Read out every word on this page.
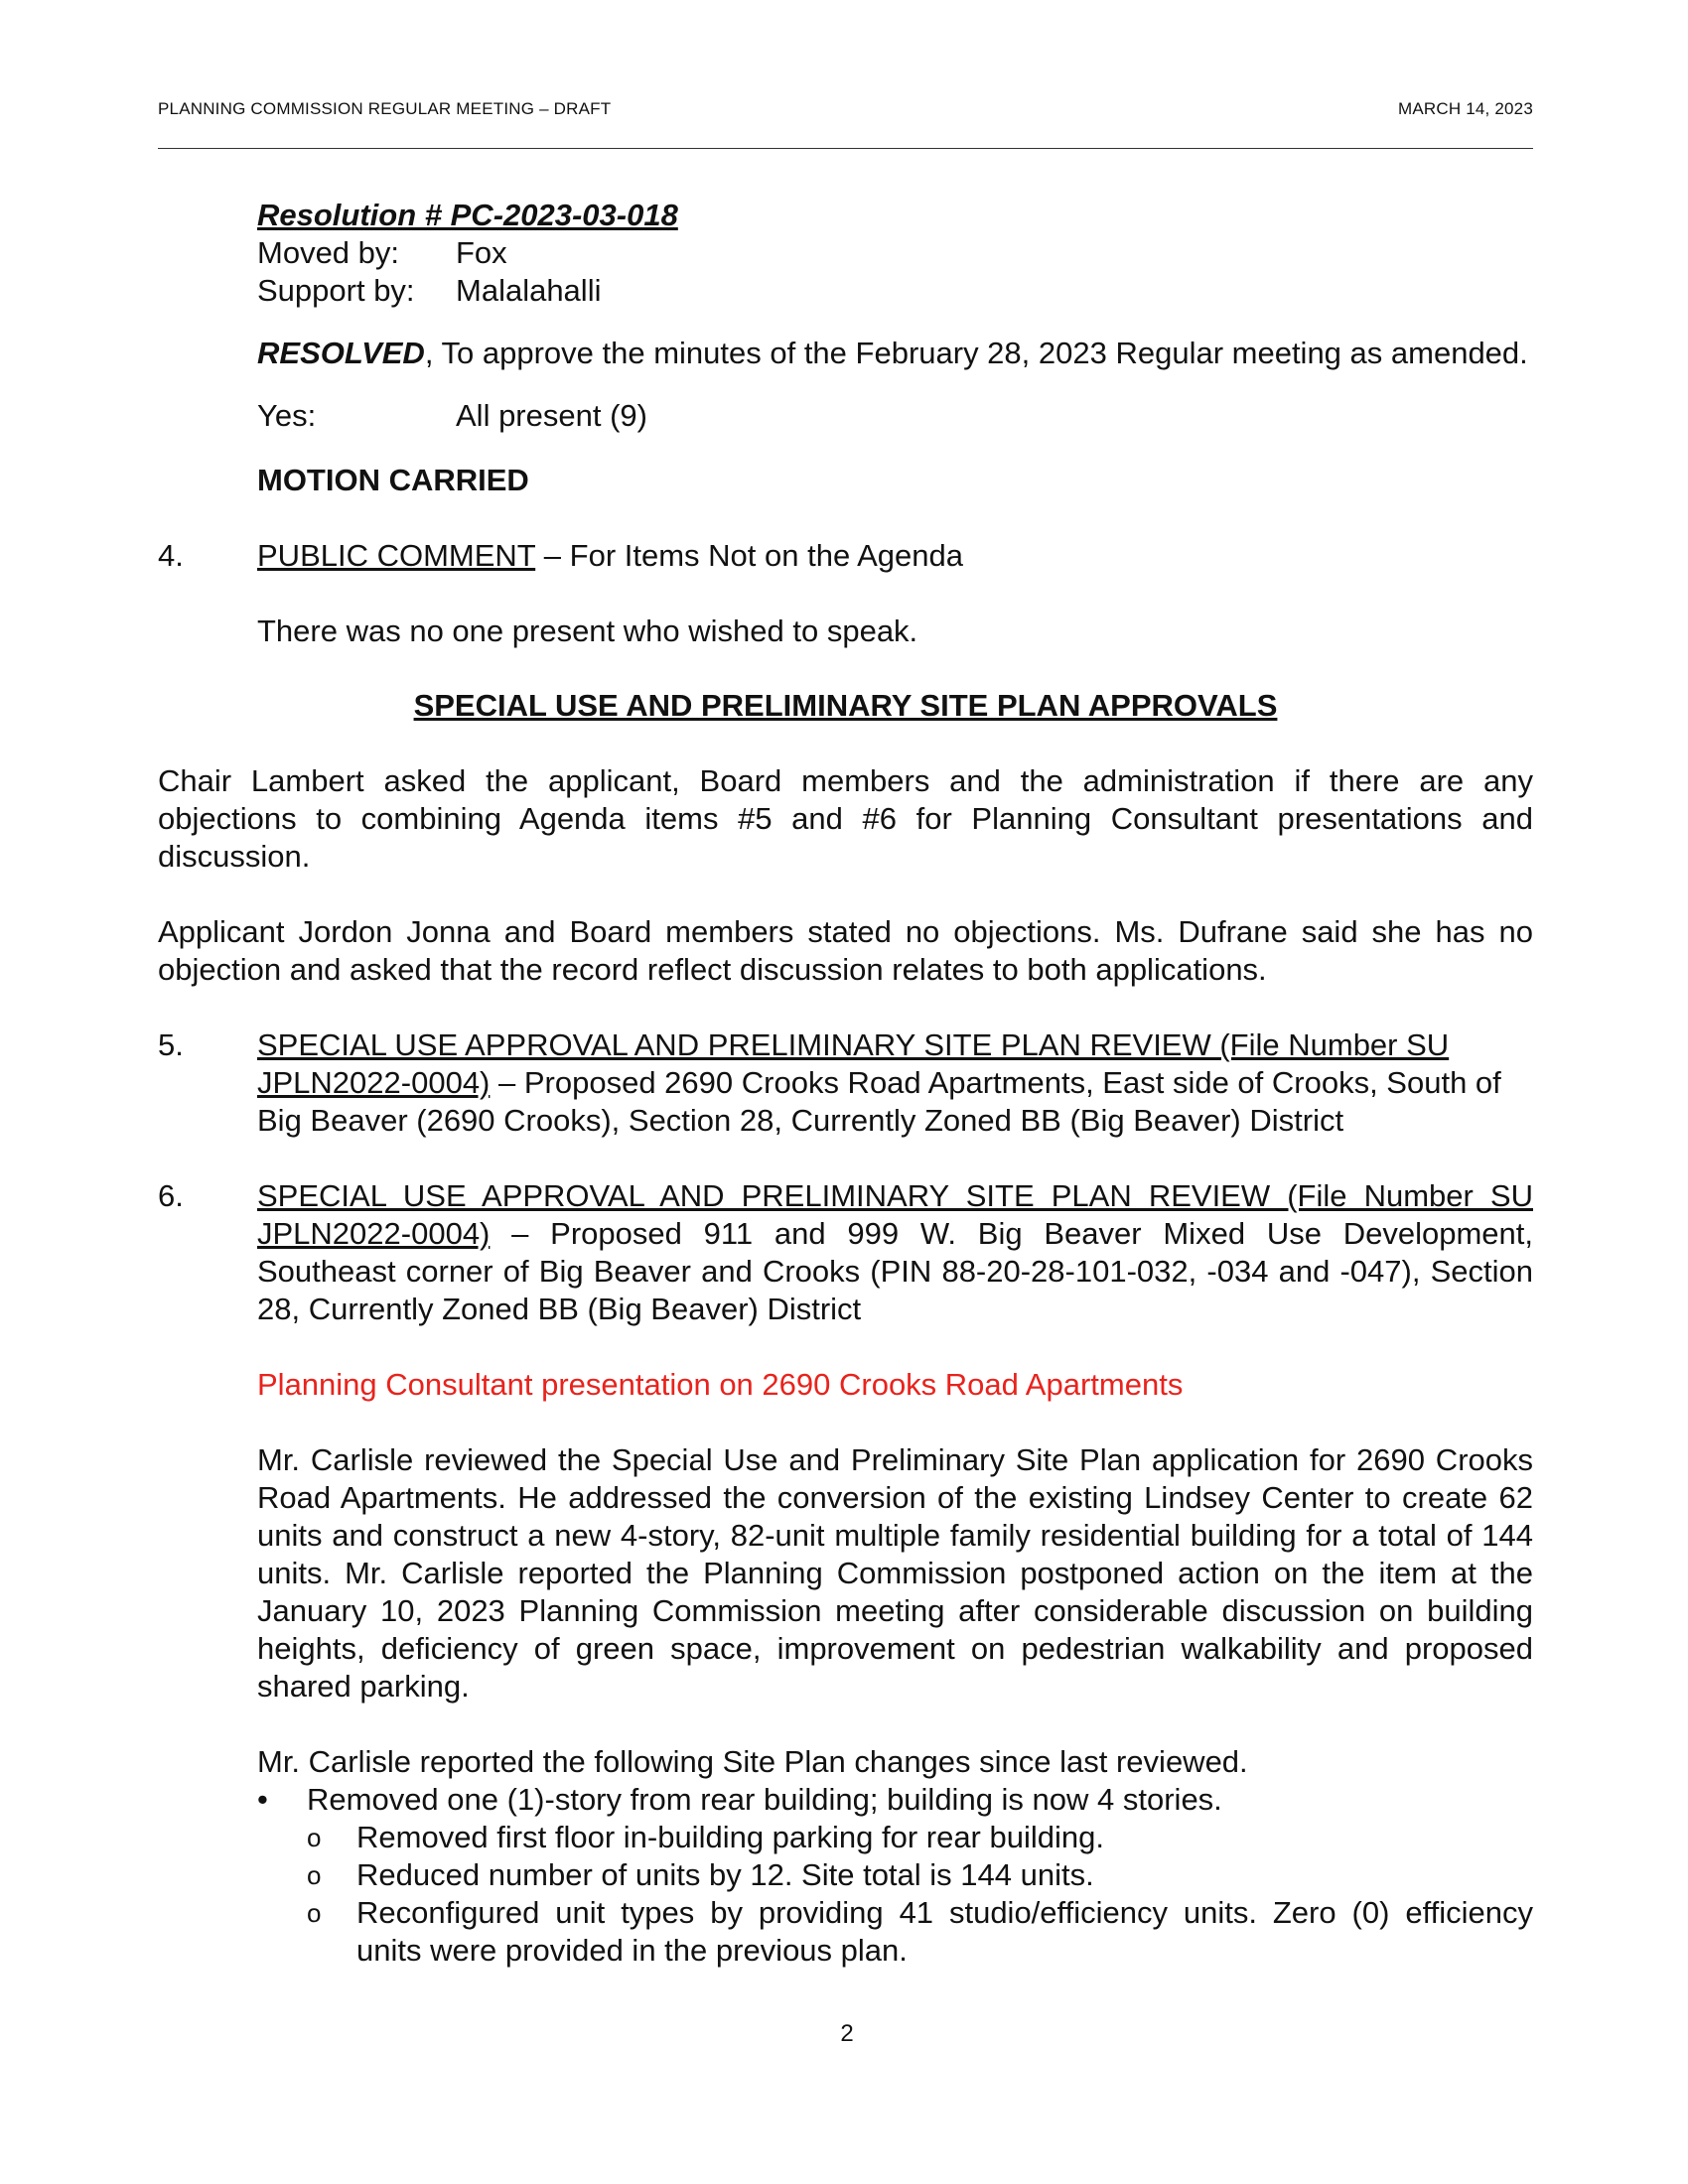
PLANNING COMMISSION REGULAR MEETING – DRAFT	MARCH 14, 2023

Resolution # PC-2023-03-018

Moved by:	Fox
Support by:	Malalahalli

RESOLVED, To approve the minutes of the February 28, 2023 Regular meeting as amended.

Yes:	All present (9)

MOTION CARRIED

4.	PUBLIC COMMENT – For Items Not on the Agenda

There was no one present who wished to speak.

SPECIAL USE AND PRELIMINARY SITE PLAN APPROVALS

Chair Lambert asked the applicant, Board members and the administration if there are any objections to combining Agenda items #5 and #6 for Planning Consultant presentations and discussion.

Applicant Jordon Jonna and Board members stated no objections. Ms. Dufrane said she has no objection and asked that the record reflect discussion relates to both applications.

5.	SPECIAL USE APPROVAL AND PRELIMINARY SITE PLAN REVIEW (File Number SU JPLN2022-0004) – Proposed 2690 Crooks Road Apartments, East side of Crooks, South of Big Beaver (2690 Crooks), Section 28, Currently Zoned BB (Big Beaver) District
6.	SPECIAL USE APPROVAL AND PRELIMINARY SITE PLAN REVIEW (File Number SU JPLN2022-0004) – Proposed 911 and 999 W. Big Beaver Mixed Use Development, Southeast corner of Big Beaver and Crooks (PIN 88-20-28-101-032, -034 and -047), Section 28, Currently Zoned BB (Big Beaver) District

Planning Consultant presentation on 2690 Crooks Road Apartments

Mr. Carlisle reviewed the Special Use and Preliminary Site Plan application for 2690 Crooks Road Apartments. He addressed the conversion of the existing Lindsey Center to create 62 units and construct a new 4-story, 82-unit multiple family residential building for a total of 144 units. Mr. Carlisle reported the Planning Commission postponed action on the item at the January 10, 2023 Planning Commission meeting after considerable discussion on building heights, deficiency of green space, improvement on pedestrian walkability and proposed shared parking.

Mr. Carlisle reported the following Site Plan changes since last reviewed.

•	Removed one (1)-story from rear building; building is now 4 stories.
o	Removed first floor in-building parking for rear building.
o	Reduced number of units by 12. Site total is 144 units.
o	Reconfigured unit types by providing 41 studio/efficiency units. Zero (0) efficiency units were provided in the previous plan.
2
